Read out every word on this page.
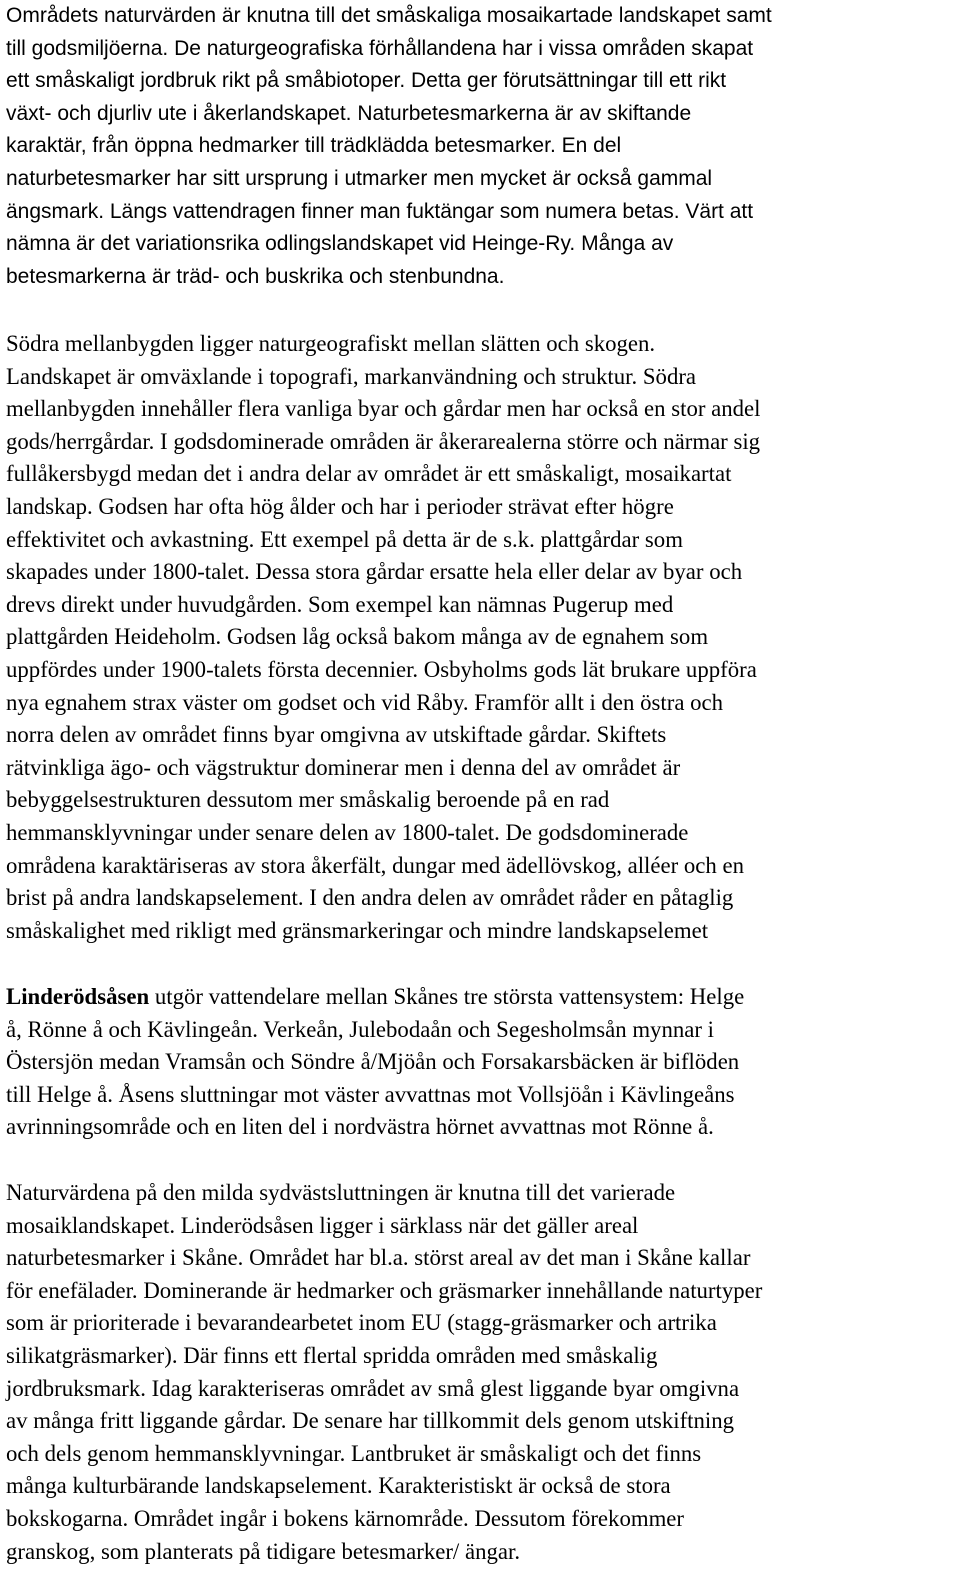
Områdets naturvärden är knutna till det småskaliga mosaikartade landskapet samt
till godsmiljöerna. De naturgeografiska förhållandena har i vissa områden skapat
ett småskaligt jordbruk rikt på småbiotoper. Detta ger förutsättningar till ett rikt
växt- och djurliv ute i åkerlandskapet. Naturbetesmarkerna är av skiftande
karaktär, från öppna hedmarker till trädklädda betesmarker. En del
naturbetesmarker har sitt ursprung i utmarker men mycket är också gammal
ängsmark. Längs vattendragen finner man fuktängar som numera betas. Värt att
nämna är det variationsrika odlingslandskapet vid Heinge-Ry. Många av
betesmarkerna är träd- och buskrika och stenbundna.

Södra mellanbygden ligger naturgeografiskt mellan slätten och skogen.
Landskapet är omväxlande i topografi, markanvändning och struktur. Södra
mellanbygden innehåller flera vanliga byar och gårdar men har också en stor andel
gods/herrgårdar. I godsdominerade områden är åkerarealerna större och närmar sig
fullåkersbygd medan det i andra delar av området är ett småskaligt, mosaikartat
landskap. Godsen har ofta hög ålder och har i perioder strävat efter högre
effektivitet och avkastning. Ett exempel på detta är de s.k. plattgårdar som
skapades under 1800-talet. Dessa stora gårdar ersatte hela eller delar av byar och
drevs direkt under huvudgården. Som exempel kan nämnas Pugerup med
plattgården Heideholm. Godsen låg också bakom många av de egnahem som
uppfördes under 1900-talets första decennier. Osbyholms gods lät brukare uppföra
nya egnahem strax väster om godset och vid Råby. Framför allt i den östra och
norra delen av området finns byar omgivna av utskiftade gårdar. Skiftets
rätvinkliga ägo- och vägstruktur dominerar men i denna del av området är
bebyggelsestrukturen dessutom mer småskalig beroende på en rad
hemmansklyvningar under senare delen av 1800-talet. De godsdominerade
områdena karaktäriseras av stora åkerfält, dungar med ädellövskog, alléer och en
brist på andra landskapselement. I den andra delen av området råder en påtaglig
småskalighet med rikligt med gränsmarkeringar och mindre landskapselemet

Linderödsåsen utgör vattendelare mellan Skånes tre största vattensystem: Helge
å, Rönne å och Kävlingeån. Verkeån, Julebodaån och Segesholmsån mynnar i
Östersjön medan Vramsån och Söndre å/Mjöån och Forsakarsbäcken är biflöden
till Helge å. Åsens sluttningar mot väster avvattnas mot Vollsjöån i Kävlingeåns
avrinningsområde och en liten del i nordvästra hörnet avvattnas mot Rönne å.

Naturvärdena på den milda sydvästsluttningen är knutna till det varierade
mosaiklandskapet. Linderödsåsen ligger i särklass när det gäller areal
naturbetesmarker i Skåne. Området har bl.a. störst areal av det man i Skåne kallar
för enefälader. Dominerande är hedmarker och gräsmarker innehållande naturtyper
som är prioriterade i bevarandearbetet inom EU (stagg-gräsmarker och artrika
silikatgräsmarker). Där finns ett flertal spridda områden med småskalig
jordbruksmark. Idag karakteriseras området av små glest liggande byar omgivna
av många fritt liggande gårdar. De senare har tillkommit dels genom utskiftning
och dels genom hemmansklyvningar. Lantbruket är småskaligt och det finns
många kulturbärande landskapselement. Karakteristiskt är också de stora
bokskogarna. Området ingår i bokens kärnområde. Dessutom förekommer
granskog, som planterats på tidigare betesmarker/ ängar.
